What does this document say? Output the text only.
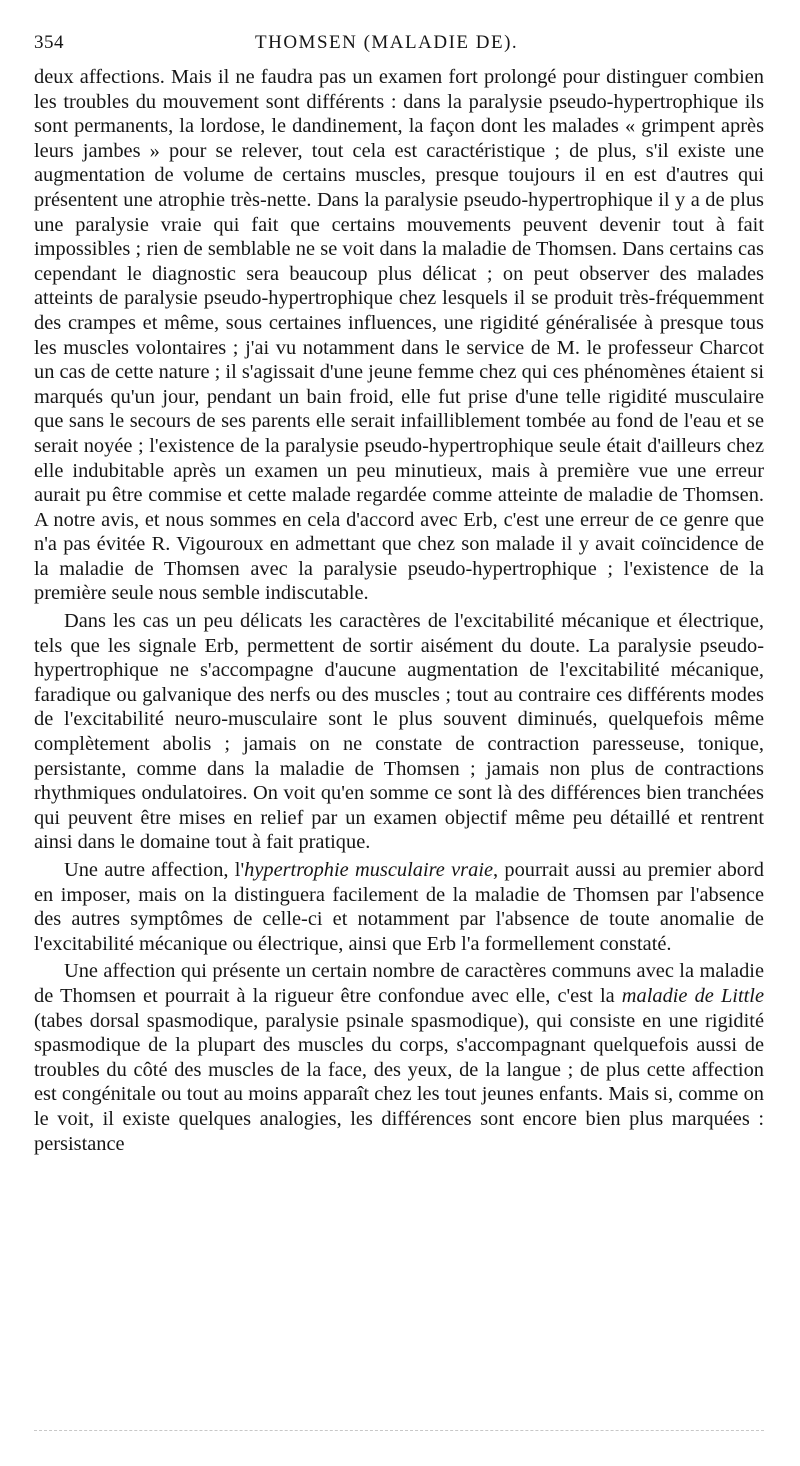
354	THOMSEN (MALADIE DE).

deux affections. Mais il ne faudra pas un examen fort prolongé pour distinguer combien les troubles du mouvement sont différents : dans la paralysie pseudo-hypertrophique ils sont permanents, la lordose, le dandinement, la façon dont les malades « grimpent après leurs jambes » pour se relever, tout cela est caractéristique ; de plus, s'il existe une augmentation de volume de certains muscles, presque toujours il en est d'autres qui présentent une atrophie très-nette. Dans la paralysie pseudo-hypertrophique il y a de plus une paralysie vraie qui fait que certains mouvements peuvent devenir tout à fait impossibles ; rien de semblable ne se voit dans la maladie de Thomsen. Dans certains cas cependant le diagnostic sera beaucoup plus délicat ; on peut observer des malades atteints de paralysie pseudo-hypertrophique chez lesquels il se produit très-fréquemment des crampes et même, sous certaines influences, une rigidité généralisée à presque tous les muscles volontaires ; j'ai vu notamment dans le service de M. le professeur Charcot un cas de cette nature ; il s'agissait d'une jeune femme chez qui ces phénomènes étaient si marqués qu'un jour, pendant un bain froid, elle fut prise d'une telle rigidité musculaire que sans le secours de ses parents elle serait infailliblement tombée au fond de l'eau et se serait noyée ; l'existence de la paralysie pseudo-hypertrophique seule était d'ailleurs chez elle indubitable après un examen un peu minutieux, mais à première vue une erreur aurait pu être commise et cette malade regardée comme atteinte de maladie de Thomsen. A notre avis, et nous sommes en cela d'accord avec Erb, c'est une erreur de ce genre que n'a pas évitée R. Vigouroux en admettant que chez son malade il y avait coïncidence de la maladie de Thomsen avec la paralysie pseudo-hypertrophique ; l'existence de la première seule nous semble indiscutable.

Dans les cas un peu délicats les caractères de l'excitabilité mécanique et électrique, tels que les signale Erb, permettent de sortir aisément du doute. La paralysie pseudo-hypertrophique ne s'accompagne d'aucune augmentation de l'excitabilité mécanique, faradique ou galvanique des nerfs ou des muscles ; tout au contraire ces différents modes de l'excitabilité neuro-musculaire sont le plus souvent diminués, quelquefois même complètement abolis ; jamais on ne constate de contraction paresseuse, tonique, persistante, comme dans la maladie de Thomsen ; jamais non plus de contractions rhythmiques ondulatoires. On voit qu'en somme ce sont là des différences bien tranchées qui peuvent être mises en relief par un examen objectif même peu détaillé et rentrent ainsi dans le domaine tout à fait pratique.

Une autre affection, l'hypertrophie musculaire vraie, pourrait aussi au premier abord en imposer, mais on la distinguera facilement de la maladie de Thomsen par l'absence des autres symptômes de celle-ci et notamment par l'absence de toute anomalie de l'excitabilité mécanique ou électrique, ainsi que Erb l'a formellement constaté.

Une affection qui présente un certain nombre de caractères communs avec la maladie de Thomsen et pourrait à la rigueur être confondue avec elle, c'est la maladie de Little (tabes dorsal spasmodique, paralysie psinale spasmodique), qui consiste en une rigidité spasmodique de la plupart des muscles du corps, s'accompagnant quelquefois aussi de troubles du côté des muscles de la face, des yeux, de la langue ; de plus cette affection est congénitale ou tout au moins apparaît chez les tout jeunes enfants. Mais si, comme on le voit, il existe quelques analogies, les différences sont encore bien plus marquées : persistance
